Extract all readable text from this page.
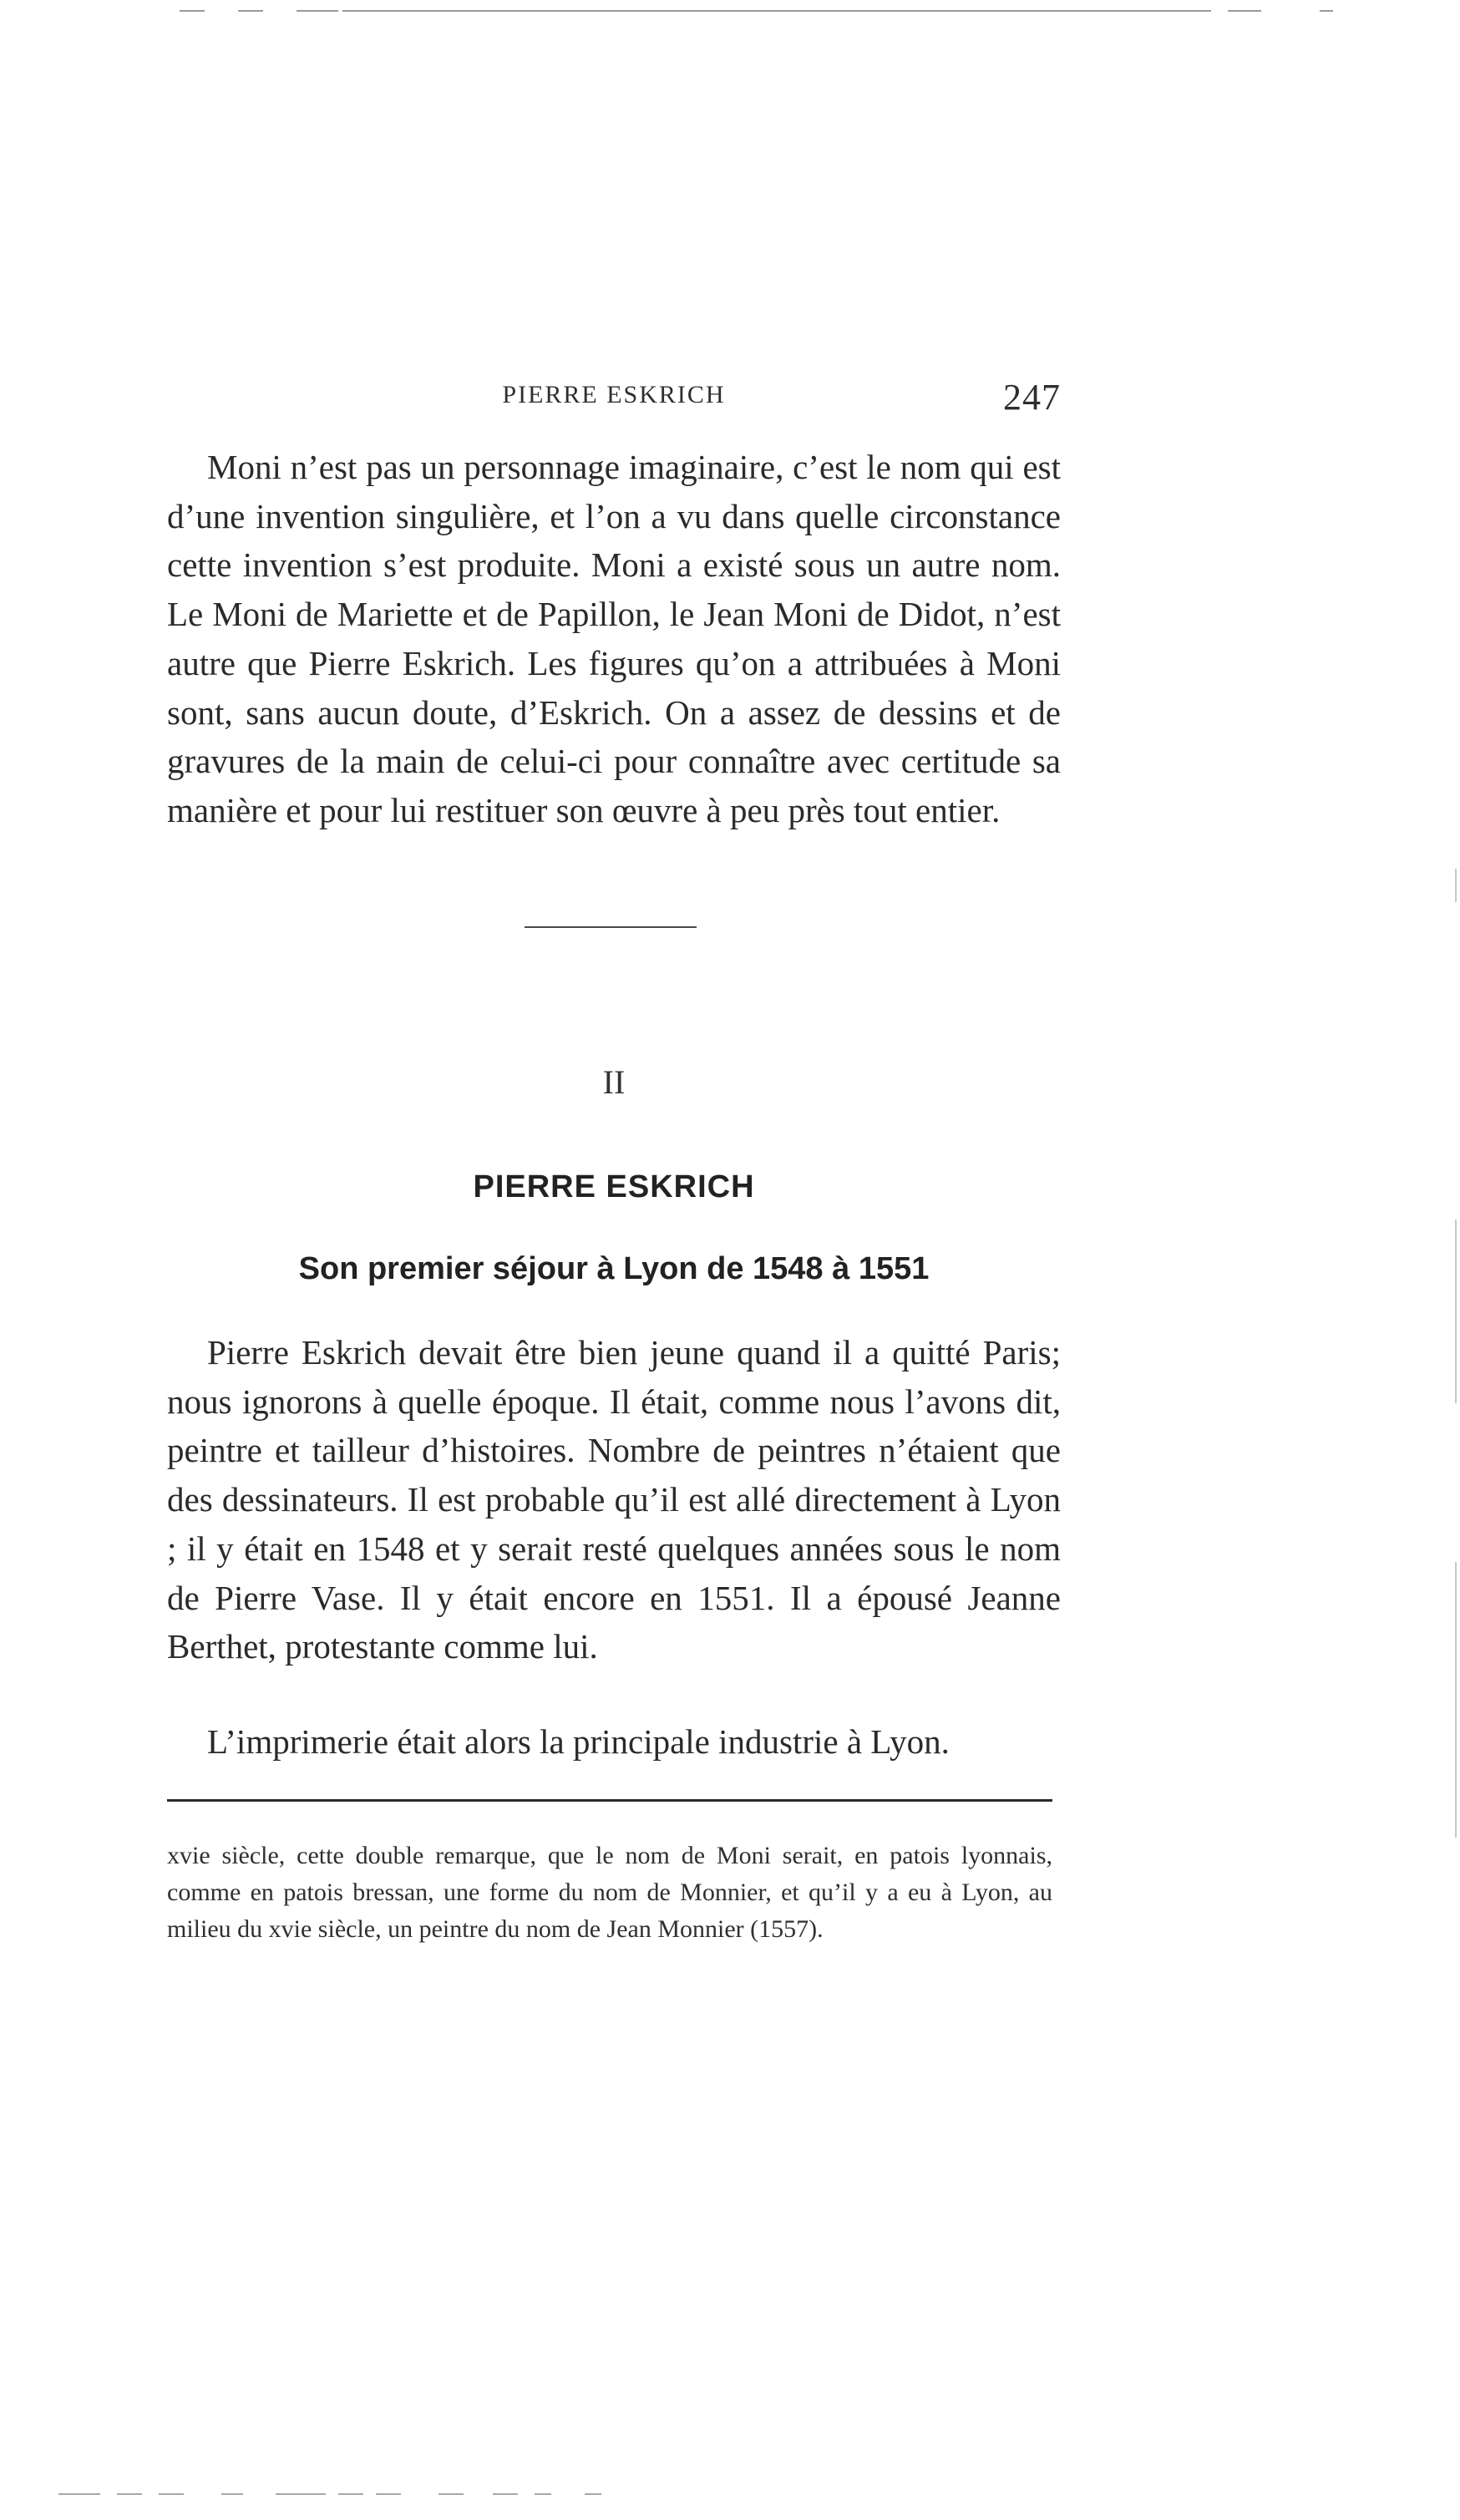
PIERRE ESKRICH	247
Moni n’est pas un personnage imaginaire, c’est le nom qui est d’une invention singulière, et l’on a vu dans quelle circonstance cette invention s’est produite. Moni a existé sous un autre nom. Le Moni de Mariette et de Papillon, le Jean Moni de Didot, n’est autre que Pierre Eskrich. Les figures qu’on a attribuées à Moni sont, sans aucun doute, d’Eskrich. On a assez de dessins et de gravures de la main de celui-ci pour connaître avec certitude sa manière et pour lui restituer son œuvre à peu près tout entier.
II
PIERRE ESKRICH
Son premier séjour à Lyon de 1548 à 1551
Pierre Eskrich devait être bien jeune quand il a quitté Paris; nous ignorons à quelle époque. Il était, comme nous l’avons dit, peintre et tailleur d’histoires. Nombre de peintres n’étaient que des dessinateurs. Il est probable qu’il est allé directement à Lyon ; il y était en 1548 et y serait resté quelques années sous le nom de Pierre Vase. Il y était encore en 1551. Il a épousé Jeanne Berthet, protestante comme lui.
L’imprimerie était alors la principale industrie à Lyon.
xvie siècle, cette double remarque, que le nom de Moni serait, en patois lyonnais, comme en patois bressan, une forme du nom de Monnier, et qu’il y a eu à Lyon, au milieu du xvie siècle, un peintre du nom de Jean Monnier (1557).
